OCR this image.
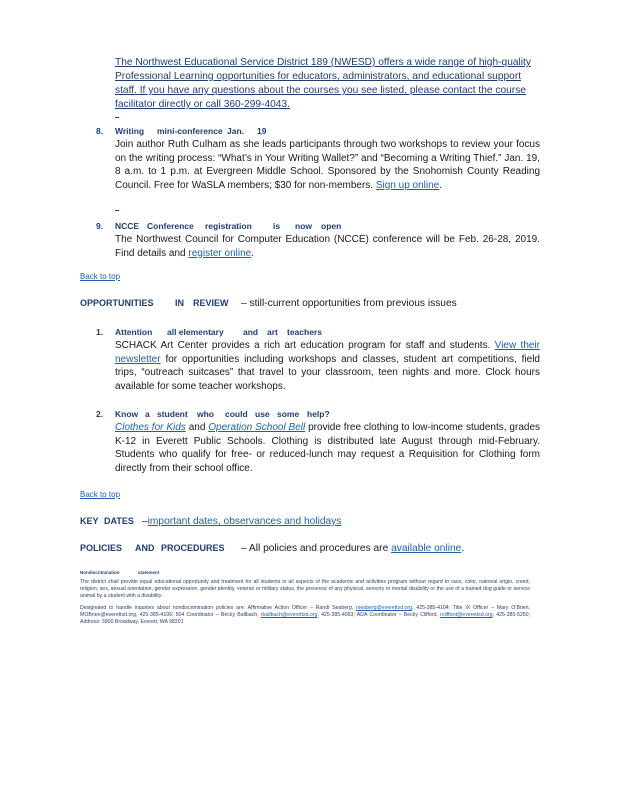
The Northwest Educational Service District 189 (NWESD) offers a wide range of high-quality Professional Learning opportunities for educators, administrators, and educational support staff. If you have any questions about the courses you see listed, please contact the course facilitator directly or call 360-299-4043.
8. Writing mini-conference Jan. 19
Join author Ruth Culham as she leads participants through two workshops to review your focus on the writing process: “What’s in Your Writing Wallet?” and “Becoming a Writing Thief.” Jan. 19, 8 a.m. to 1 p.m. at Evergreen Middle School. Sponsored by the Snohomish County Reading Council. Free for WaSLA members; $30 for non-members. Sign up online.
9. NCCE Conference registration is now open
The Northwest Council for Computer Education (NCCE) conference will be Feb. 26-28, 2019. Find details and register online.
Back to top
OPPORTUNITIES IN REVIEW – still-current opportunities from previous issues
1. Attention all elementary and art teachers
SCHACK Art Center provides a rich art education program for staff and students. View their newsletter for opportunities including workshops and classes, student art competitions, field trips, “outreach suitcases” that travel to your classroom, teen nights and more. Clock hours available for some teacher workshops.
2. Know a student who could use some help?
Clothes for Kids and Operation School Bell provide free clothing to low-income students, grades K-12 in Everett Public Schools. Clothing is distributed late August through mid-February. Students who qualify for free- or reduced-lunch may request a Requisition for Clothing form directly from their school office.
Back to top
KEY DATES –important dates, observances and holidays
POLICIES AND PROCEDURES – All policies and procedures are available online.
Nondiscrimination	statement
The district shall provide equal educational opportunity and treatment for all students in all aspects of the academic and activities program without regard to race, color, national origin, creed, religion, sex, sexual orientation, gender expression, gender identity, veteran or military status, the presence of any physical, sensory or mental disability or the use of a trained dog guide or service animal by a student with a disability.
Designated to handle inquiries about nondiscrimination policies are: Affirmative Action Officer – Randi Seaberg, rseaberg@everettsd.org, 425-385-4104; Title IX Officer – Mary O’Brien, MOBrien@everettsd.org, 425-385-4106; 504 Coordinator – Becky Ballbach, rballbach@everettsd.org, 425-385-4063; ADA Coordinator – Becky Clifford, rclifford@everettsd.org, 425-385-5250; Address: 3900 Broadway, Everett, WA 98201
